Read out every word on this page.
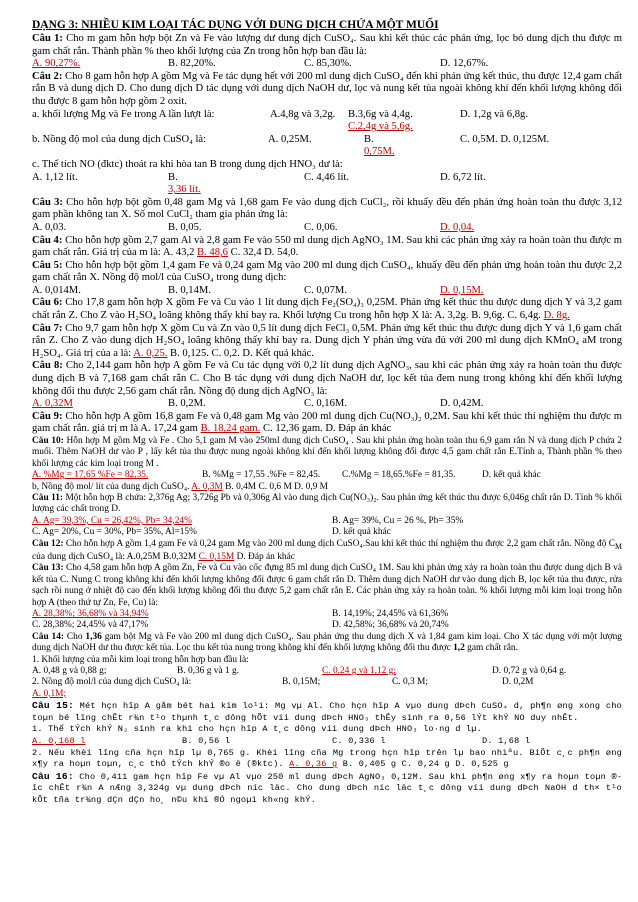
DẠNG 3: NHIỀU KIM LOẠI TÁC DỤNG VỚI DUNG DỊCH CHỨA MỘT MUỐI

Câu 1: Cho m gam hỗn hợp bột Zn và Fe vào lượng dư dung dịch CuSO₄. Sau khi kết thúc các phản ứng, lọc bỏ dung dịch thu được m gam chất rắn. Thành phần % theo khối lượng của Zn trong hỗn hợp ban đầu là:

A. 90,27%.	B. 82,20%.	C. 85,30%.	D. 12,67%.

Câu 2: Cho 8 gam hỗn hợp A gồm Mg và Fe tác dụng hết với 200 ml dung dịch CuSO₄ đến khi phản ứng kết thúc, thu được 12,4 gam chất rắn B và dung dịch D. Cho dung dịch D tác dụng với dung dịch NaOH dư, lọc và nung kết tủa ngoài không khí đến khối lượng không đổi thu được 8 gam hỗn hợp gồm 2 oxit.

a. khối lượng Mg và Fe trong A lần lượt là:	A.4,8g và 3,2g.	B.3,6g và 4,4g.
C.2,4g và 5,6g.
D. 1,2g và 6,8g.
b. Nồng độ mol của dung dịch CuSO₄ là:	A. 0,25M.	B.
0,75M.
C. 0,5M. D. 0,125M.

c. Thể tích NO (đktc) thoát ra khi hòa tan B trong dung dịch HNO₃ dư là:

A. 1,12 lít.	B.
3,36 lít.
C. 4,46 lít.	D. 6,72 lít.

Câu 3: Cho hỗn hợp bột gồm 0,48 gam Mg và 1,68 gam Fe vào dung dịch CuCl₂, rồi khuấy đều đến phản ứng hoàn toàn thu được 3,12 gam phần không tan X. Số mol CuCl₂ tham gia phản ứng là:

A. 0,03.	B. 0,05.	C. 0,06.	D. 0,04.

Câu 4: Cho hỗn hợp gồm 2,7 gam Al và 2,8 gam Fe vào 550 ml dung dịch AgNO₃ 1M. Sau khi các phản ứng xảy ra hoàn toàn thu được m gam chất rắn. Giá trị của m là: A. 43,2 B. 48,6 C. 32,4 D. 54,0.

Câu 5: Cho hỗn hợp bột gồm 1,4 gam Fe và 0,24 gam Mg vào 200 ml dung dịch CuSO₄, khuấy đều đến phản ứng hoàn toàn thu được 2,2 gam chất rắn X. Nồng độ mol/l của CuSO₄ trong dung dịch:

A. 0,014M.	B. 0,14M.	C. 0,07M.	D. 0,15M.

Câu 6: Cho 17,8 gam hỗn hợp X gồm Fe và Cu vào 1 lít dung dịch Fe₂(SO₄)₃ 0,25M. Phản ứng kết thúc thu được dung dịch Y và 3,2 gam chất rắn Z. Cho Z vào H₂SO₄ loãng không thấy khí bay ra. Khối lượng Cu trong hỗn hợp X là: A. 3,2g. B. 9,6g. C. 6,4g. D. 8g.

Câu 7: Cho 9,7 gam hỗn hợp X gồm Cu và Zn vào 0,5 lít dung dịch FeCl₃ 0,5M. Phản ứng kết thúc thu được dung dịch Y và 1,6 gam chất rắn Z. Cho Z vào dung dịch H₂SO₄ loãng không thấy khí bay ra. Dung dịch Y phản ứng vừa đủ với 200 ml dung dịch KMnO₄ aM trong H₂SO₄. Giá trị của a là: A. 0,25. B. 0,125. C. 0,2. D. Kết quả khác.

Câu 8: Cho 2,144 gam hỗn hợp A gồm Fe và Cu tác dụng với 0,2 lít dung dịch AgNO₃, sau khi các phản ứng xảy ra hoàn toàn thu được dung dịch B và 7,168 gam chất rắn C. Cho B tác dụng với dung dịch NaOH dư, lọc kết tủa đem nung trong không khí đến khối lượng không đổi thu được 2,56 gam chất rắn. Nồng độ dung dịch AgNO₃ là:

A. 0,32M	B. 0,2M.	C. 0,16M.	D. 0,42M.

Câu 9: Cho hỗn hợp A gồm 16,8 gam Fe và 0,48 gam Mg vào 200 ml dung dịch Cu(NO₃)₂ 0,2M. Sau khi kết thúc thí nghiệm thu được m gam chất rắn. giá trị m là A. 17,24 gam B. 18,24 gam. C. 12,36 gam. D. Đáp án khác

Câu 10: Hỗn hợp M gồm Mg và Fe . Cho 5,1 gam M vào 250ml dung dịch CuSO₄ . Sau khi phản ứng hoàn toàn thu 6,9 gam rắn N và dung dịch P chứa 2 muối. Thêm NaOH dư vào P , lấy kết tủa thu được nung ngoài không khí đến khối lượng không đổi được 4,5 gam chất rắn E.Tính a, Thành phần % theo khối lượng các kim loại trong M .

A. %Mg = 17,65 %Fe = 82,35.	B. %Mg = 17,55 .%Fe = 82,45.	C.%Mg = 18,65.%Fe = 81,35.	D. kết quả khác

b, Nồng độ mol/ lít của dung dịch CuSO₄. A. 0,3M B. 0,4M C. 0,6 M D. 0,9 M

Câu 11: Một hỗn hợp B chứa: 2,376g Ag; 3,726g Pb và 0,306g Al vào dung dịch Cu(NO₃)₂. Sau phản ứng kết thúc thu được 6,046g chất rắn D. Tính % khối lượng các chất trong D.

A. Ag= 39,3%, Cu = 26,42%, Pb= 34,24%	B. Ag= 39%, Cu = 26 %, Pb= 35%
C. Ag= 20%, Cu = 30%, Pb= 35%, Al=15%	D. kết quả khác

Câu 12: Cho hỗn hợp A gồm 1,4 gam Fe và 0,24 gam Mg vào 200 ml dung dịch CuSO₄.Sau khi kết thúc thí nghiệm thu được 2,2 gam chất rắn. Nồng độ $C_M$ của dung dịch CuSO₄ là: A.0,25M B.0,32M C. 0,15M D. Đáp án khác

Câu 13: Cho 4,58 gam hỗn hợp A gồm Zn, Fe và Cu vào cốc đựng 85 ml dung dịch CuSO₄ 1M. Sau khi phản ứng xảy ra hoàn toàn thu được dung dịch B và kết tủa C. Nung C trong không khí đến khối lượng không đổi được 6 gam chất rắn D. Thêm dung dịch NaOH dư vào dung dịch B, lọc kết tủa thu được, rửa sạch rồi nung ở nhiệt độ cao đến khối lượng không đổi thu được 5,2 gam chất rắn E. Các phản ứng xảy ra hoàn toàn. % khối lượng mỗi kim loại trong hỗn hợp A (theo thứ tự Zn, Fe, Cu) là:

A. 28,38%; 36,68% và 34,94%	B. 14,19%; 24,45% và 61,36%
C. 28,38%; 24,45% và 47,17%	D. 42,58%; 36,68% và 20,74%

Câu 14: Cho 1,36 gam bột Mg và Fe vào 200 ml dung dịch CuSO₄. Sau phản ứng thu dung dịch X và 1,84 gam kim loại. Cho X tác dụng với một lượng dung dịch NaOH dư thu được kết tủa. Lọc thu kết tủa nung trong không khí đến khối lượng không đổi thu được 1,2 gam chất rắn.

1. Khối lượng của mỗi kim loại trong hỗn hợp ban đầu là:

A. 0,48 g và 0,88 g;	B. 0,36 g và 1 g.	C. 0,24 g và 1,12 g;	D. 0,72 g và 0,64 g.
2. Nồng độ mol/l của dung dịch CuSO₄ là:
A. 0,1M;
B. 0,15M;	C. 0,3 M;	D. 0,2M

Câu 15: Mét hçn hîp A gåm bét hai kim lo¹i: Mg vµ Al. Cho hçn hîp A vµo dung dÞch CuSO₄ d, ph¶n øng xong cho toµn bé lîng chÊt r¾n t¹o thµnh t¸c dông hÕt víi dung dÞch HNO₃ thÊy sinh ra 0,56 lÝt khÝ NO duy nhÊt.

1. Thể tÝch khÝ N₂ sinh ra khi cho hçn hîp A t¸c dông víi dung dÞch HNO₃ lo·ng d lµ.

A. 0,168 l	B. 0,56 l	C. 0,336 l	D. 1,68 l

2. Nếu khèi lîng cña hçn hîp lµ 0,765 g. Khèi lîng cña Mg trong hçn hîp trên lµ bao nhiªu. BiÕt c¸c ph¶n øng x¶y ra hoµn toµn, c¸c thÓ tÝch khÝ ®o ë (®ktc). A. 0,36 g B. 0,405 g C. 0,24 g D. 0,525 g

Câu 16: Cho 0,411 gam hçn hîp Fe vµ Al vµo 250 ml dung dÞch AgNO₃ 0,12M. Sau khi ph¶n øng x¶y ra hoµn toµn ®îc chÊt r¾n A nÆng 3,324g vµ dung dÞch níc läc. Cho dung dÞch níc läc t¸c dông víi dung dÞch NaOH d th× t¹o kÕt tña tr¾ng dÇn dÇn ho¸ n©u khi ®Ó ngoµi kh«ng khÝ.
